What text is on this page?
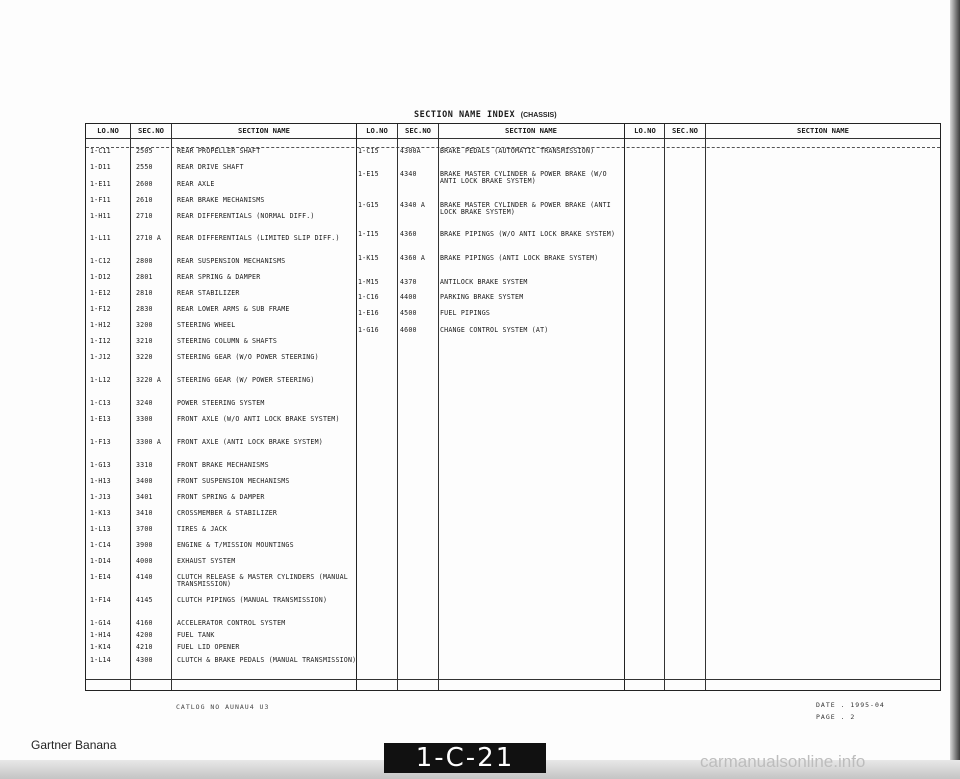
SECTION NAME INDEX (CHASSIS)
LO.NO	SEC.NO	SECTION NAME	LO.NO	SEC.NO	SECTION NAME	LO.NO	SEC.NO	SECTION NAME
1-C11	2505	REAR PROPELLER SHAFT
1-D11	2550	REAR DRIVE SHAFT
1-E11	2600	REAR AXLE
1-F11	2610	REAR BRAKE MECHANISMS
1-H11	2710	REAR DIFFERENTIALS (NORMAL DIFF.)
1-L11	2710 A	REAR DIFFERENTIALS (LIMITED SLIP DIFF.)
1-C12	2800	REAR SUSPENSION MECHANISMS
1-D12	2801	REAR SPRING & DAMPER
1-E12	2810	REAR STABILIZER
1-F12	2830	REAR LOWER ARMS & SUB FRAME
1-H12	3200	STEERING WHEEL
1-I12	3210	STEERING COLUMN & SHAFTS
1-J12	3220	STEERING GEAR (W/O POWER STEERING)
1-L12	3220 A	STEERING GEAR (W/ POWER STEERING)
1-C13	3240	POWER STEERING SYSTEM
1-E13	3300	FRONT AXLE (W/O ANTI LOCK BRAKE SYSTEM)
1-F13	3300 A	FRONT AXLE (ANTI LOCK BRAKE SYSTEM)
1-G13	3310	FRONT BRAKE MECHANISMS
1-H13	3400	FRONT SUSPENSION MECHANISMS
1-J13	3401	FRONT SPRING & DAMPER
1-K13	3410	CROSSMEMBER & STABILIZER
1-L13	3700	TIRES & JACK
1-C14	3900	ENGINE & T/MISSION MOUNTINGS
1-D14	4000	EXHAUST SYSTEM
1-E14	4140	CLUTCH RELEASE & MASTER CYLINDERS (MANUAL TRANSMISSION)
1-F14	4145	CLUTCH PIPINGS (MANUAL TRANSMISSION)
1-G14	4160	ACCELERATOR CONTROL SYSTEM
1-H14	4200	FUEL TANK
1-K14	4210	FUEL LID OPENER
1-L14	4300	CLUTCH & BRAKE PEDALS (MANUAL TRANSMISSION)
1-C15	4300A	BRAKE PEDALS (AUTOMATIC TRANSMISSION)
1-E15	4340	BRAKE MASTER CYLINDER & POWER BRAKE (W/O ANTI LOCK BRAKE SYSTEM)
1-G15	4340 A	BRAKE MASTER CYLINDER & POWER BRAKE (ANTI LOCK BRAKE SYSTEM)
1-I15	4360	BRAKE PIPINGS (W/O ANTI LOCK BRAKE SYSTEM)
1-K15	4360 A	BRAKE PIPINGS (ANTI LOCK BRAKE SYSTEM)
1-M15	4370	ANTILOCK BRAKE SYSTEM
1-C16	4400	PARKING BRAKE SYSTEM
1-E16	4500	FUEL PIPINGS
1-G16	4600	CHANGE CONTROL SYSTEM (AT)
CATLOG NO AUNAU4 U3	DATE . 1995-04
PAGE . 2
1-C-21
Gartner Banana
carmanualsonline.info
